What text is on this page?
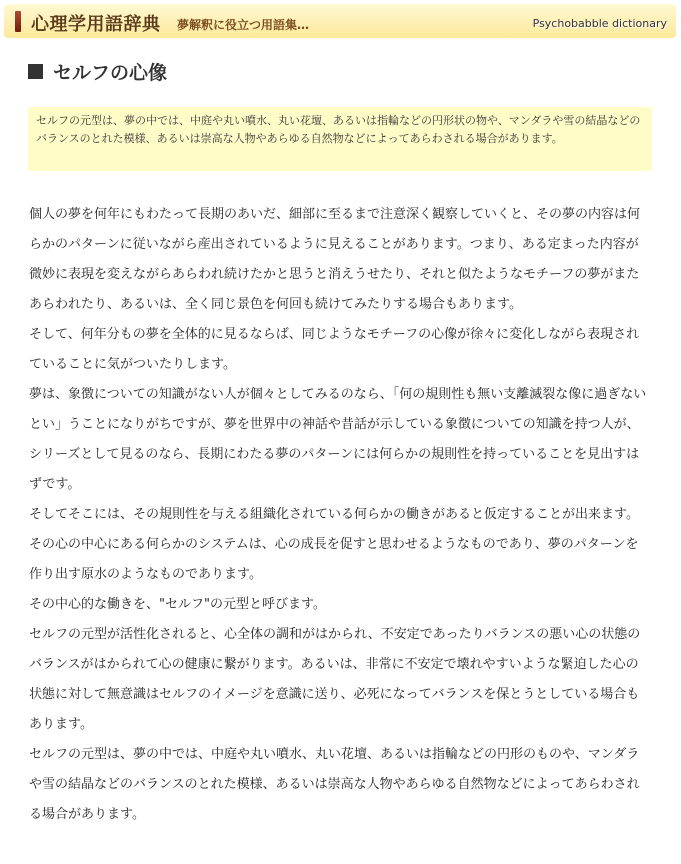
心理学用語辞典 夢解釈に役立つ用語集…	Psychobabble dictionary
セルフの心像
セルフの元型は、夢の中では、中庭や丸い噴水、丸い花壇、あるいは指輪などの円形状の物や、マンダラや雪の結晶などのバランスのとれた模様、あるいは崇高な人物やあらゆる自然物などによってあらわされる場合があります。

個人の夢を何年にもわたって長期のあいだ、細部に至るまで注意深く観察していくと、その夢の内容は何らかのパターンに従いながら産出されているように見えることがあります。つまり、ある定まった内容が微妙に表現を変えながらあらわれ続けたかと思うと消えうせたり、それと似たようなモチーフの夢がまたあらわれたり、あるいは、全く同じ景色を何回も続けてみたりする場合もあります。

そして、何年分もの夢を全体的に見るならば、同じようなモチーフの心像が徐々に変化しながら表現されていることに気がついたりします。

夢は、象徴についての知識がない人が個々としてみるのなら、「何の規則性も無い支離滅裂な像に過ぎないとい」うことになりがちですが、夢を世界中の神話や昔話が示している象徴についての知識を持つ人が、シリーズとして見るのなら、長期にわたる夢のパターンには何らかの規則性を持っていることを見出すはずです。

そしてそこには、その規則性を与える組織化されている何らかの働きがあると仮定することが出来ます。その心の中心にある何らかのシステムは、心の成長を促すと思わせるようなものであり、夢のパターンを作り出す原水のようなものであります。

その中心的な働きを、"セルフ"の元型と呼びます。

セルフの元型が活性化されると、心全体の調和がはかられ、不安定であったりバランスの悪い心の状態のバランスがはかられて心の健康に繋がります。あるいは、非常に不安定で壊れやすいような緊迫した心の状態に対して無意識はセルフのイメージを意識に送り、必死になってバランスを保とうとしている場合もあります。

セルフの元型は、夢の中では、中庭や丸い噴水、丸い花壇、あるいは指輪などの円形のものや、マンダラや雪の結晶などのバランスのとれた模様、あるいは崇高な人物やあらゆる自然物などによってあらわされる場合があります。
